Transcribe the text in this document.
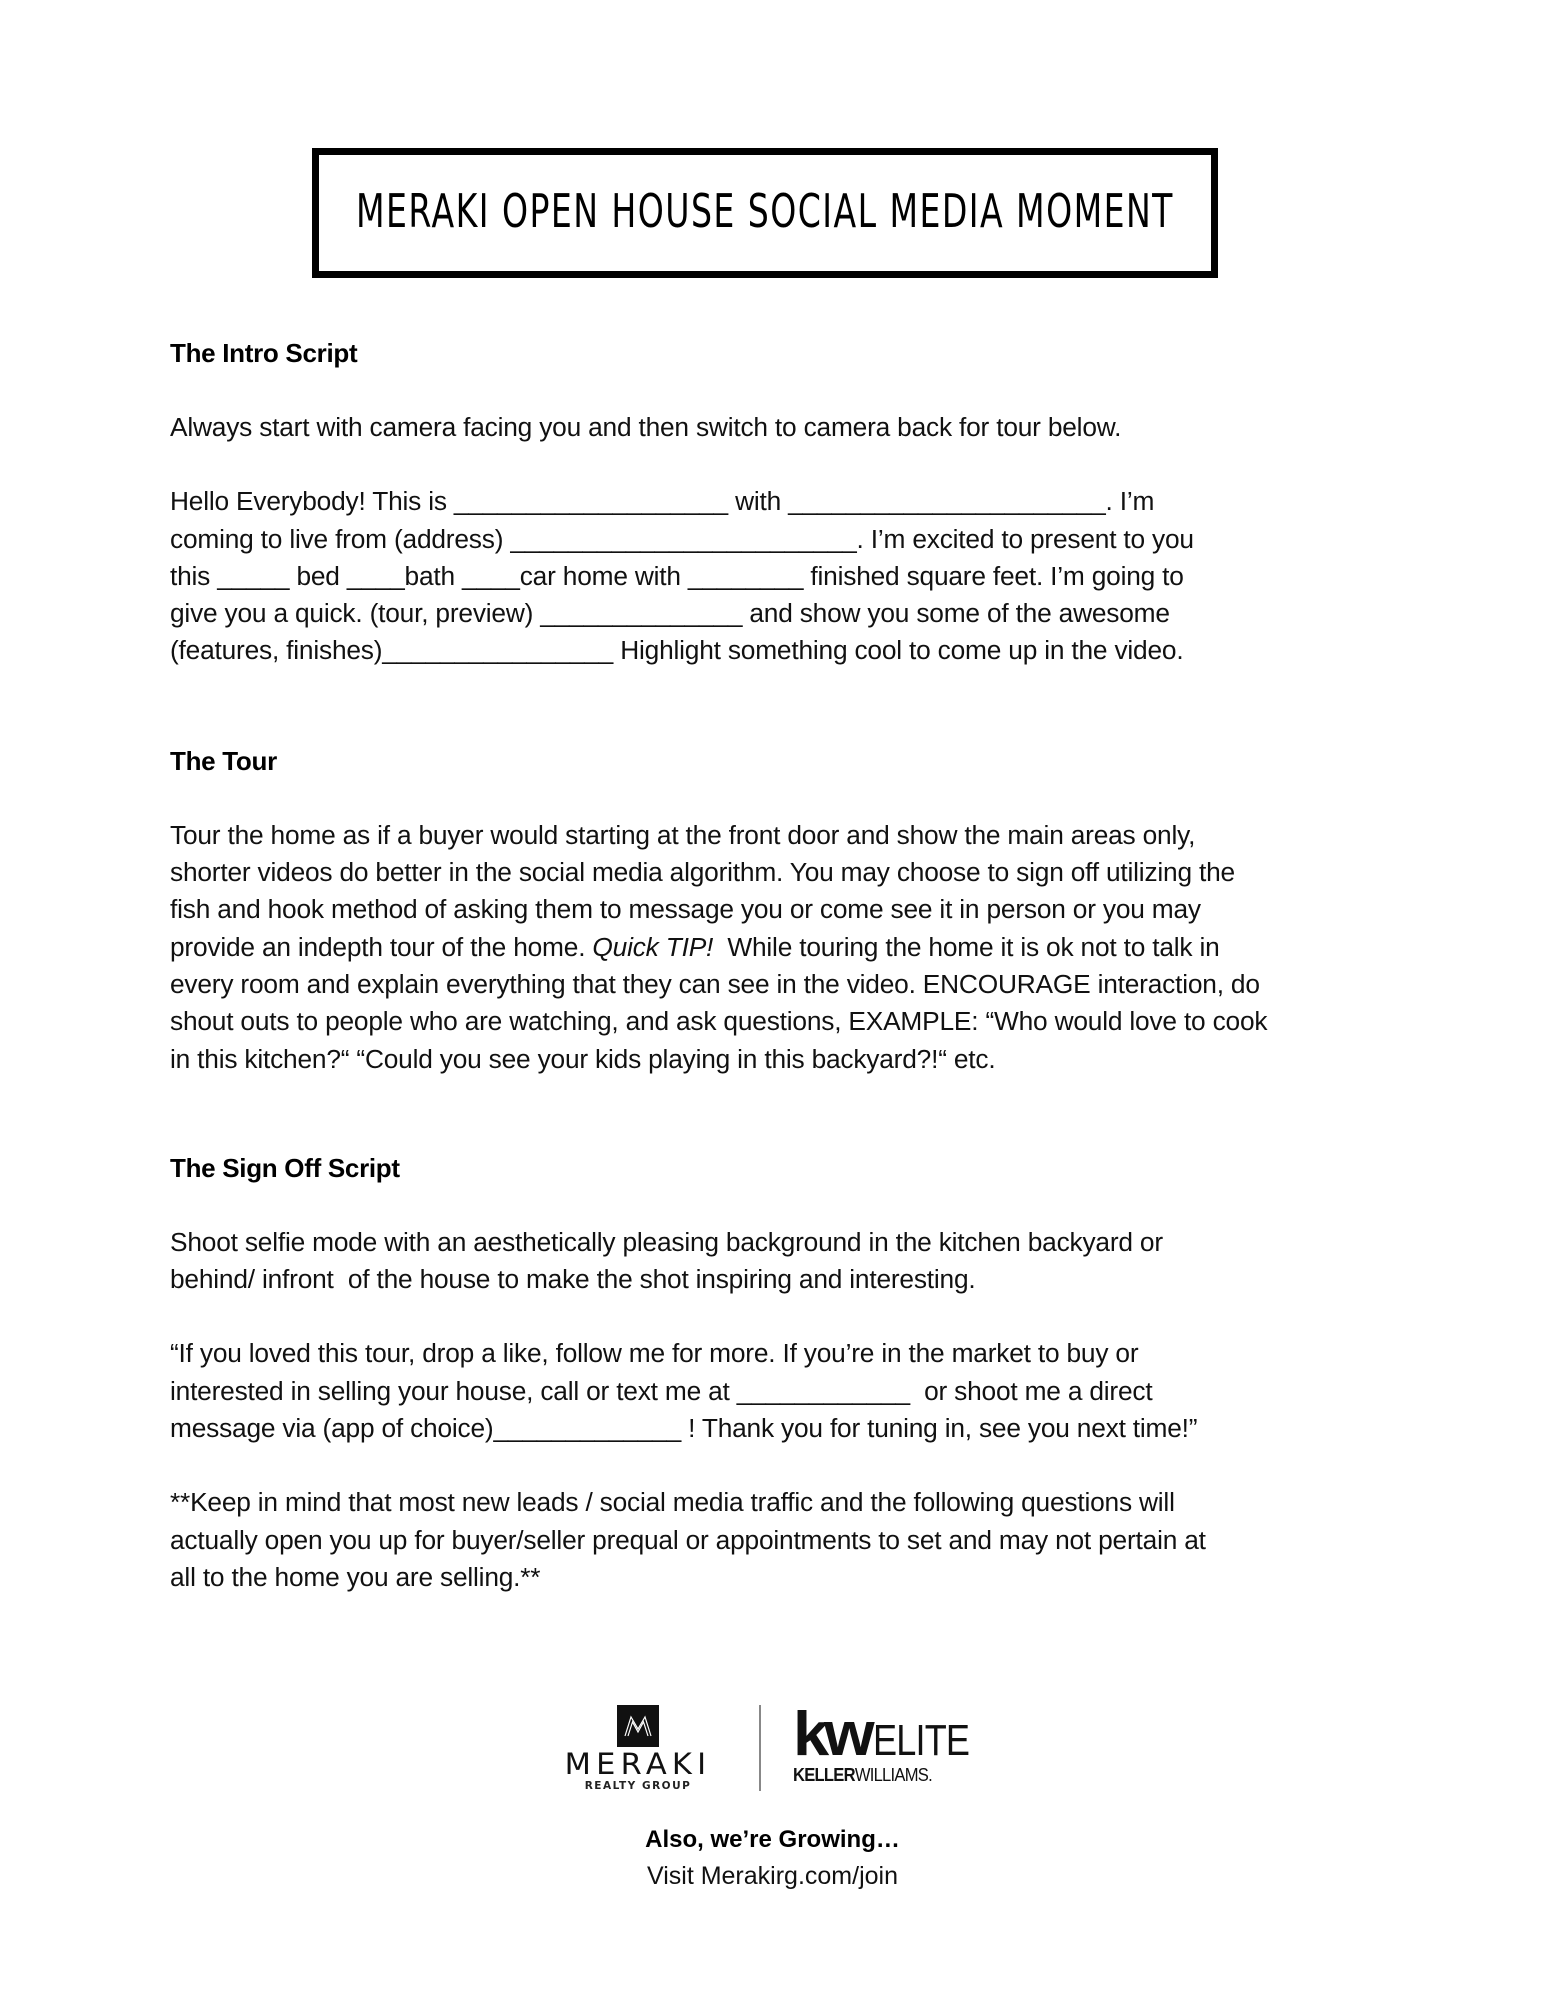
MERAKI OPEN HOUSE SOCIAL MEDIA MOMENT

The Intro Script

Always start with camera facing you and then switch to camera back for tour below.

Hello Everybody! This is ___________________ with ______________________. I’m
coming to live from (address) ________________________. I’m excited to present to you
this _____ bed ____bath ____car home with ________ finished square feet. I’m going to
give you a quick. (tour, preview) ______________ and show you some of the awesome
(features, finishes)________________ Highlight something cool to come up in the video.

The Tour

Tour the home as if a buyer would starting at the front door and show the main areas only,
shorter videos do better in the social media algorithm. You may choose to sign off utilizing the
fish and hook method of asking them to message you or come see it in person or you may
provide an indepth tour of the home. Quick TIP!  While touring the home it is ok not to talk in
every room and explain everything that they can see in the video. ENCOURAGE interaction, do
shout outs to people who are watching, and ask questions, EXAMPLE: “Who would love to cook
in this kitchen?“ “Could you see your kids playing in this backyard?!“ etc.

The Sign Off Script

Shoot selfie mode with an aesthetically pleasing background in the kitchen backyard or
behind/ infront  of the house to make the shot inspiring and interesting.

“If you loved this tour, drop a like, follow me for more. If you’re in the market to buy or
interested in selling your house, call or text me at ____________  or shoot me a direct
message via (app of choice)_____________ ! Thank you for tuning in, see you next time!”

**Keep in mind that most new leads / social media traffic and the following questions will
actually open you up for buyer/seller prequal or appointments to set and may not pertain at
all to the home you are selling.**

MERAKI
REALTY GROUP
kw ELITE
KELLERWILLIAMS.
Also, we’re Growing…
Visit Merakirg.com/join
